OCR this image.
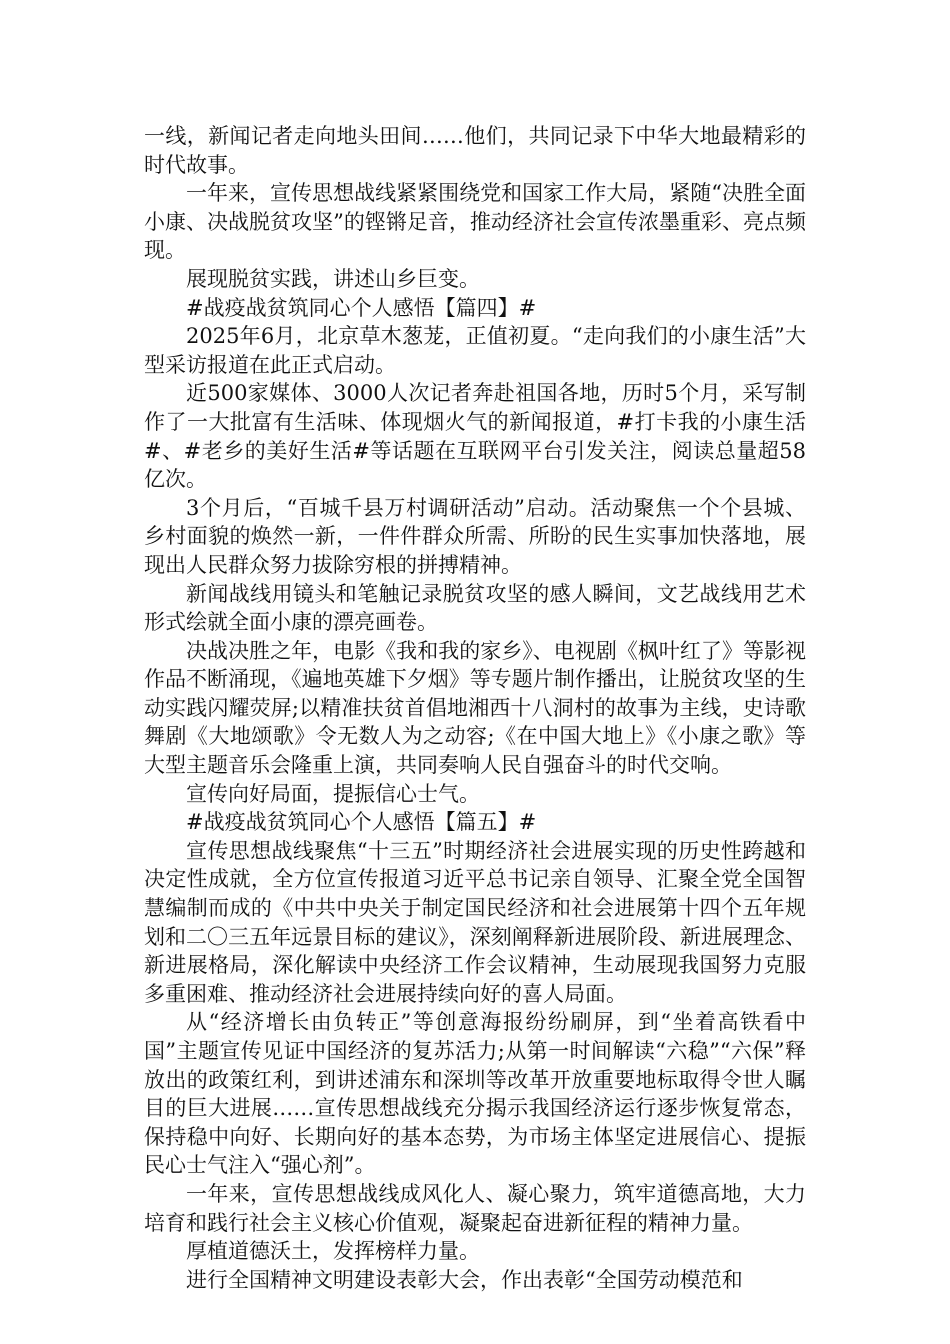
一线，新闻记者走向地头田间……他们，共同记录下中华大地最精彩的时代故事。

一年来，宣传思想战线紧紧围绕党和国家工作大局，紧随“决胜全面小康、决战脱贫攻坚”的铿锵足音，推动经济社会宣传浓墨重彩、亮点频现。

展现脱贫实践，讲述山乡巨变。

#战疫战贫筑同心个人感悟【篇四】#

2025年6月，北京草木葱茏，正值初夏。“走向我们的小康生活”大型采访报道在此正式启动。

近500家媒体、3000人次记者奔赴祖国各地，历时5个月，采写制作了一大批富有生活味、体现烟火气的新闻报道，#打卡我的小康生活#、#老乡的美好生活#等话题在互联网平台引发关注，阅读总量超58亿次。

3个月后，“百城千县万村调研活动”启动。活动聚焦一个个县城、乡村面貌的焕然一新，一件件群众所需、所盼的民生实事加快落地，展现出人民群众努力拔除穷根的拼搏精神。

新闻战线用镜头和笔触记录脱贫攻坚的感人瞬间，文艺战线用艺术形式绘就全面小康的漂亮画卷。

决战决胜之年，电影《我和我的家乡》、电视剧《枫叶红了》等影视作品不断涌现，《遍地英雄下夕烟》等专题片制作播出，让脱贫攻坚的生动实践闪耀荧屏;以精准扶贫首倡地湘西十八洞村的故事为主线，史诗歌舞剧《大地颂歌》令无数人为之动容;《在中国大地上》《小康之歌》等大型主题音乐会隆重上演，共同奏响人民自强奋斗的时代交响。

宣传向好局面，提振信心士气。

#战疫战贫筑同心个人感悟【篇五】#

宣传思想战线聚焦“十三五”时期经济社会进展实现的历史性跨越和决定性成就，全方位宣传报道习近平总书记亲自领导、汇聚全党全国智慧编制而成的《中共中央关于制定国民经济和社会进展第十四个五年规划和二〇三五年远景目标的建议》，深刻阐释新进展阶段、新进展理念、新进展格局，深化解读中央经济工作会议精神，生动展现我国努力克服多重困难、推动经济社会进展持续向好的喜人局面。

从“经济增长由负转正”等创意海报纷纷刷屏，到“坐着高铁看中国”主题宣传见证中国经济的复苏活力;从第一时间解读“六稳”“六保”释放出的政策红利，到讲述浦东和深圳等改革开放重要地标取得令世人瞩目的巨大进展……宣传思想战线充分揭示我国经济运行逐步恢复常态，保持稳中向好、长期向好的基本态势，为市场主体坚定进展信心、提振民心士气注入“强心剂”。

一年来，宣传思想战线成风化人、凝心聚力，筑牢道德高地，大力培育和践行社会主义核心价值观，凝聚起奋进新征程的精神力量。

厚植道德沃土，发挥榜样力量。

进行全国精神文明建设表彰大会，作出表彰“全国劳动模范和
